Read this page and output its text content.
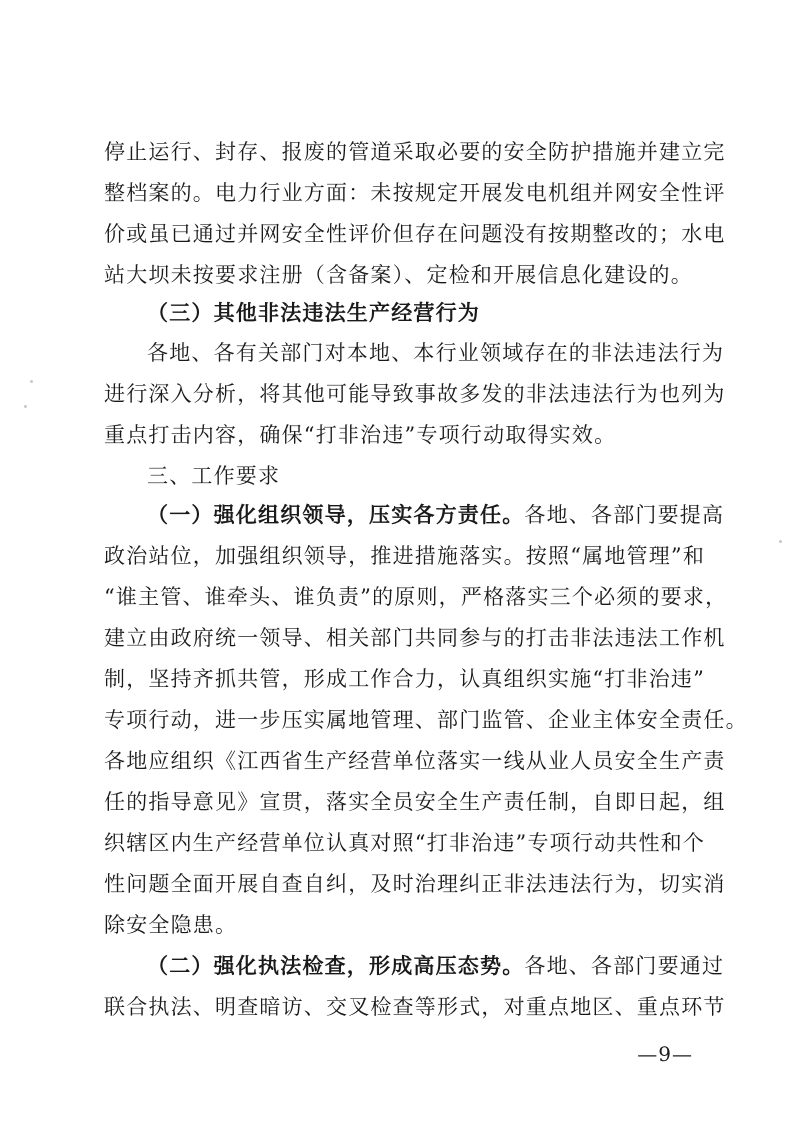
停止运行、封存、报废的管道采取必要的安全防护措施并建立完
整档案的。电力行业方面：未按规定开展发电机组并网安全性评
价或虽已通过并网安全性评价但存在问题没有按期整改的；水电
站大坝未按要求注册（含备案）、定检和开展信息化建设的。
（三）其他非法违法生产经营行为
各地、各有关部门对本地、本行业领域存在的非法违法行为
进行深入分析，将其他可能导致事故多发的非法违法行为也列为
重点打击内容，确保“打非治违”专项行动取得实效。
三、工作要求
（一）强化组织领导，压实各方责任。各地、各部门要提高
政治站位，加强组织领导，推进措施落实。按照“属地管理”和
“谁主管、谁牵头、谁负责”的原则，严格落实三个必须的要求，
建立由政府统一领导、相关部门共同参与的打击非法违法工作机
制，坚持齐抓共管，形成工作合力，认真组织实施“打非治违”
专项行动，进一步压实属地管理、部门监管、企业主体安全责任。
各地应组织《江西省生产经营单位落实一线从业人员安全生产责
任的指导意见》宣贯，落实全员安全生产责任制，自即日起，组
织辖区内生产经营单位认真对照“打非治违”专项行动共性和个
性问题全面开展自查自纠，及时治理纠正非法违法行为，切实消
除安全隐患。
（二）强化执法检查，形成高压态势。各地、各部门要通过
联合执法、明查暗访、交叉检查等形式，对重点地区、重点环节
—9—
